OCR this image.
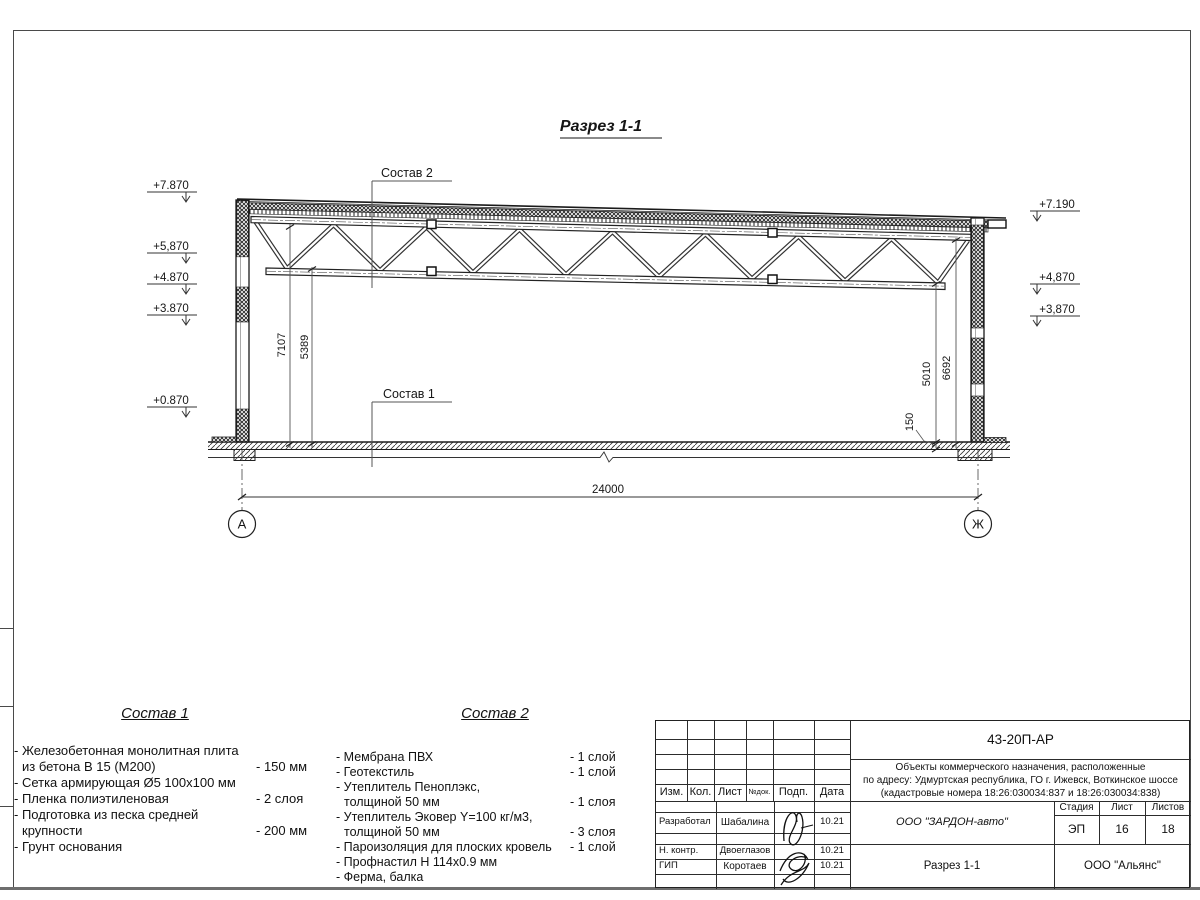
Разрез 1-1
7107 5389
5010 6692
150
24000
А	Ж
+7.870
+5,870
+4.870
+3.870
+0.870
+7.190
+4,870
+3,870
Состав 2
Состав 1
Состав 1
- Железобетонная монолитная плита
из бетона В 15 (М200)	- 150 мм
- Сетка армирующая Ø5 100х100 мм
- Пленка полиэтиленовая	- 2 слоя
- Подготовка из песка средней
крупности	- 200 мм
- Грунт основания
Состав 2
- Мембрана ПВХ	- 1 слой
- Геотекстиль	- 1 слой
- Утеплитель Пеноплэкс,
толщиной 50 мм	- 1 слоя
- Утеплитель Эковер Y=100 кг/м3,
толщиной 50 мм	- 3 слоя
- Пароизоляция для плоских кровель	- 1 слой
- Профнастил Н 114х0.9 мм
- Ферма, балка
Изм. Кол. Лист №док. Подп.	Дата
43-20П-АР
Объекты коммерческого назначения, расположенные
по адресу: Удмуртская республика, ГО г. Ижевск, Воткинское шоссе
(кадастровые номера 18:26:030034:837 и 18:26:030034:838)
Разработал	Шабалина	10.21
Н. контр.	Двоеглазов	10.21
ГИП	Коротаев	10.21
ООО "ЗАРДОН-авто"
Стадия	Лист	Листов
ЭП	16	18
Разрез 1-1	ООО "Альянс"
